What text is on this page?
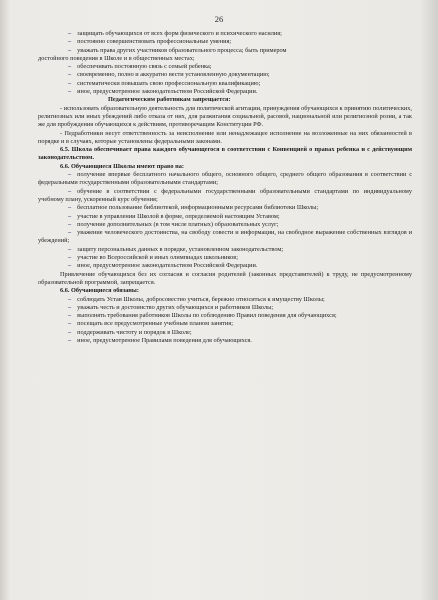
26
– защищать обучающихся от всех форм физического и психического насилия;
– постоянно совершенствовать профессиональные умения;
– уважать права других участников образовательного процесса; быть примером
достойного поведения в Школе и в общественных местах;
– обеспечивать постоянную связь с семьей ребенка;
– своевременно, полно и аккуратно вести установленную документацию;
– систематически повышать свою профессиональную квалификацию;
– иное, предусмотренное законодательством Российской Федерации.
Педагогическим работникам запрещается:
- использовать образовательную деятельность для политической агитации, принуждения обучающихся к принятию политических, религиозных или иных убеждений либо отказа от них, для разжигания социальной, расовой, национальной или религиозной розни, а так же для пробуждения обучающихся к действиям, противоречащим Конституции РФ.
- Педработники несут ответственность за неисполнение или ненадлежащее исполнение на возложенные на них обязанностей в порядке и в случаях, которые установлены федеральными законами.
6.5. Школа обеспечивает права каждого обучающегося в соответствии с Конвенцией о правах ребенка и с действующим законодательством.
6.6. Обучающиеся Школы имеют право на:
– получение впервые бесплатного начального общего, основного общего, среднего общего образования в соответствии с федеральными государственными образовательными стандартами;
– обучение в соответствии с федеральными государственными образовательными стандартами по индивидуальному учебному плану, ускоренный курс обучения;
– бесплатное пользование библиотекой, информационными ресурсами библиотеки Школы;
– участие в управлении Школой в форме, определяемой настоящим Уставом;
– получение дополнительных (в том числе платных) образовательных услуг;
– уважение человеческого достоинства, на свободу совести и информации, на свободное выражение собственных взглядов и убеждений;
– защиту персональных данных в порядке, установленном законодательством;
– участие во Всероссийской и иных олимпиадах школьников;
– иное, предусмотренное законодательством Российской Федерации.
Привлечение обучающихся без их согласия и согласия родителей (законных представителей) к труду, не предусмотренному образовательной программой, запрещается.
6.6. Обучающиеся обязаны:
– соблюдать Устав Школы, добросовестно учиться, бережно относиться к имуществу Школы;
– уважать честь и достоинство других обучающихся и работников Школы;
– выполнять требования работников Школы по соблюдению Правил поведения для обучающихся;
– посещать все предусмотренные учебным планом занятия;
– поддерживать чистоту и порядок в Школе;
– иное, предусмотренное Правилами поведения для обучающихся.
